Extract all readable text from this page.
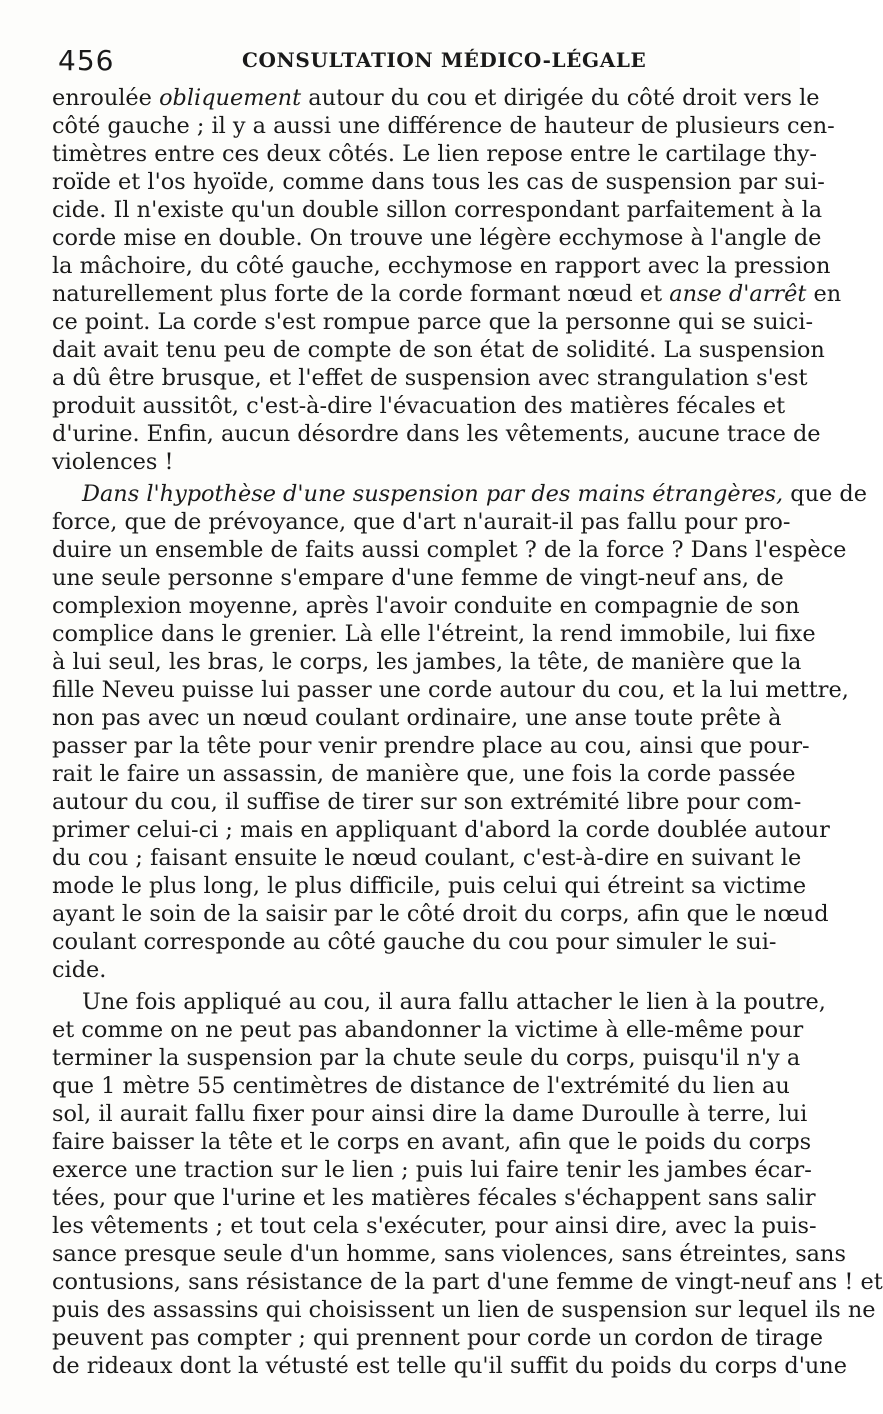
456	CONSULTATION MÉDICO-LÉGALE
enroulée obliquement autour du cou et dirigée du côté droit vers le
côté gauche ; il y a aussi une différence de hauteur de plusieurs cen-
timètres entre ces deux côtés. Le lien repose entre le cartilage thy-
roïde et l'os hyoïde, comme dans tous les cas de suspension par sui-
cide. Il n'existe qu'un double sillon correspondant parfaitement à la
corde mise en double. On trouve une légère ecchymose à l'angle de
la mâchoire, du côté gauche, ecchymose en rapport avec la pression
naturellement plus forte de la corde formant nœud et anse d'arrêt en
ce point. La corde s'est rompue parce que la personne qui se suici-
dait avait tenu peu de compte de son état de solidité. La suspension
a dû être brusque, et l'effet de suspension avec strangulation s'est
produit aussitôt, c'est-à-dire l'évacuation des matières fécales et
d'urine. Enfin, aucun désordre dans les vêtements, aucune trace de
violences !
Dans l'hypothèse d'une suspension par des mains étrangères, que de
force, que de prévoyance, que d'art n'aurait-il pas fallu pour pro-
duire un ensemble de faits aussi complet ? de la force ? Dans l'espèce
une seule personne s'empare d'une femme de vingt-neuf ans, de
complexion moyenne, après l'avoir conduite en compagnie de son
complice dans le grenier. Là elle l'étreint, la rend immobile, lui fixe
à lui seul, les bras, le corps, les jambes, la tête, de manière que la
fille Neveu puisse lui passer une corde autour du cou, et la lui mettre,
non pas avec un nœud coulant ordinaire, une anse toute prête à
passer par la tête pour venir prendre place au cou, ainsi que pour-
rait le faire un assassin, de manière que, une fois la corde passée
autour du cou, il suffise de tirer sur son extrémité libre pour com-
primer celui-ci ; mais en appliquant d'abord la corde doublée autour
du cou ; faisant ensuite le nœud coulant, c'est-à-dire en suivant le
mode le plus long, le plus difficile, puis celui qui étreint sa victime
ayant le soin de la saisir par le côté droit du corps, afin que le nœud
coulant corresponde au côté gauche du cou pour simuler le sui-
cide.
Une fois appliqué au cou, il aura fallu attacher le lien à la poutre,
et comme on ne peut pas abandonner la victime à elle-même pour
terminer la suspension par la chute seule du corps, puisqu'il n'y a
que 1 mètre 55 centimètres de distance de l'extrémité du lien au
sol, il aurait fallu fixer pour ainsi dire la dame Duroulle à terre, lui
faire baisser la tête et le corps en avant, afin que le poids du corps
exerce une traction sur le lien ; puis lui faire tenir les jambes écar-
tées, pour que l'urine et les matières fécales s'échappent sans salir
les vêtements ; et tout cela s'exécuter, pour ainsi dire, avec la puis-
sance presque seule d'un homme, sans violences, sans étreintes, sans
contusions, sans résistance de la part d'une femme de vingt-neuf ans ! et
puis des assassins qui choisissent un lien de suspension sur lequel ils ne
peuvent pas compter ; qui prennent pour corde un cordon de tirage
de rideaux dont la vétusté est telle qu'il suffit du poids du corps d'une
